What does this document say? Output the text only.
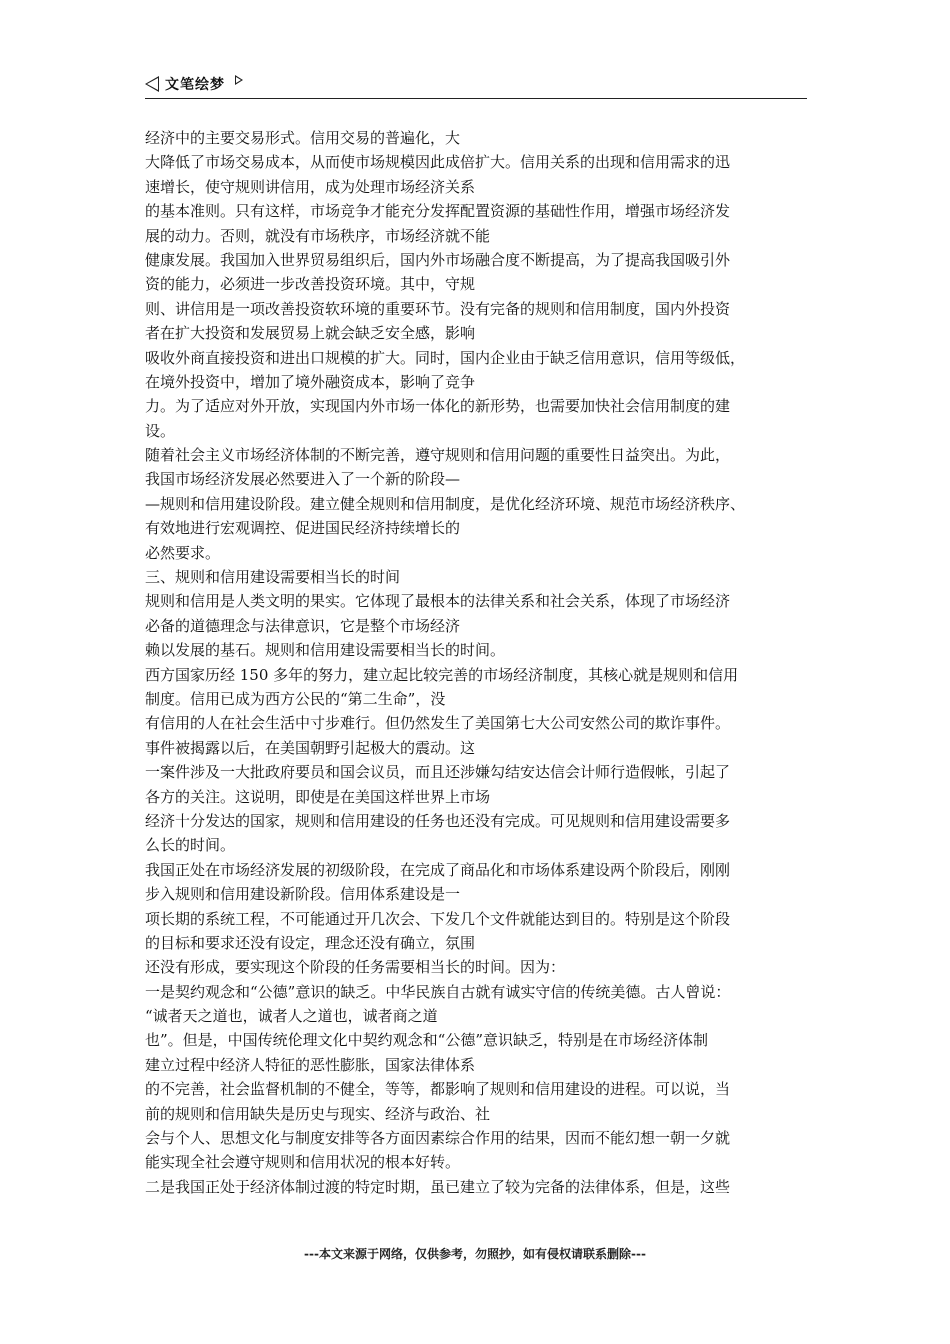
文笔绘梦
经济中的主要交易形式。信用交易的普遍化，大
大降低了市场交易成本，从而使市场规模因此成倍扩大。信用关系的出现和信用需求的迅
速增长，使守规则讲信用，成为处理市场经济关系
的基本准则。只有这样，市场竞争才能充分发挥配置资源的基础性作用，增强市场经济发
展的动力。否则，就没有市场秩序，市场经济就不能
健康发展。我国加入世界贸易组织后，国内外市场融合度不断提高，为了提高我国吸引外
资的能力，必须进一步改善投资环境。其中，守规
则、讲信用是一项改善投资软环境的重要环节。没有完备的规则和信用制度，国内外投资
者在扩大投资和发展贸易上就会缺乏安全感，影响
吸收外商直接投资和进出口规模的扩大。同时，国内企业由于缺乏信用意识，信用等级低，
在境外投资中，增加了境外融资成本，影响了竞争
力。为了适应对外开放，实现国内外市场一体化的新形势，也需要加快社会信用制度的建
设。
随着社会主义市场经济体制的不断完善，遵守规则和信用问题的重要性日益突出。为此，
我国市场经济发展必然要进入了一个新的阶段—
—规则和信用建设阶段。建立健全规则和信用制度，是优化经济环境、规范市场经济秩序、
有效地进行宏观调控、促进国民经济持续增长的
必然要求。
三、规则和信用建设需要相当长的时间
规则和信用是人类文明的果实。它体现了最根本的法律关系和社会关系，体现了市场经济
必备的道德理念与法律意识，它是整个市场经济
赖以发展的基石。规则和信用建设需要相当长的时间。
西方国家历经 150 多年的努力，建立起比较完善的市场经济制度，其核心就是规则和信用
制度。信用已成为西方公民的“第二生命”，没
有信用的人在社会生活中寸步难行。但仍然发生了美国第七大公司安然公司的欺诈事件。
事件被揭露以后，在美国朝野引起极大的震动。这
一案件涉及一大批政府要员和国会议员，而且还涉嫌勾结安达信会计师行造假帐，引起了
各方的关注。这说明，即使是在美国这样世界上市场
经济十分发达的国家，规则和信用建设的任务也还没有完成。可见规则和信用建设需要多
么长的时间。
我国正处在市场经济发展的初级阶段，在完成了商品化和市场体系建设两个阶段后，刚刚
步入规则和信用建设新阶段。信用体系建设是一
项长期的系统工程，不可能通过开几次会、下发几个文件就能达到目的。特别是这个阶段
的目标和要求还没有设定，理念还没有确立，氛围
还没有形成，要实现这个阶段的任务需要相当长的时间。因为：
一是契约观念和“公德”意识的缺乏。中华民族自古就有诚实守信的传统美德。古人曾说：
“诚者天之道也，诚者人之道也，诚者商之道
也”。但是，中国传统伦理文化中契约观念和“公德”意识缺乏，特别是在市场经济体制
建立过程中经济人特征的恶性膨胀，国家法律体系
的不完善，社会监督机制的不健全，等等，都影响了规则和信用建设的进程。可以说，当
前的规则和信用缺失是历史与现实、经济与政治、社
会与个人、思想文化与制度安排等各方面因素综合作用的结果，因而不能幻想一朝一夕就
能实现全社会遵守规则和信用状况的根本好转。
二是我国正处于经济体制过渡的特定时期，虽已建立了较为完备的法律体系，但是，这些
---本文来源于网络，仅供参考，勿照抄，如有侵权请联系删除---
